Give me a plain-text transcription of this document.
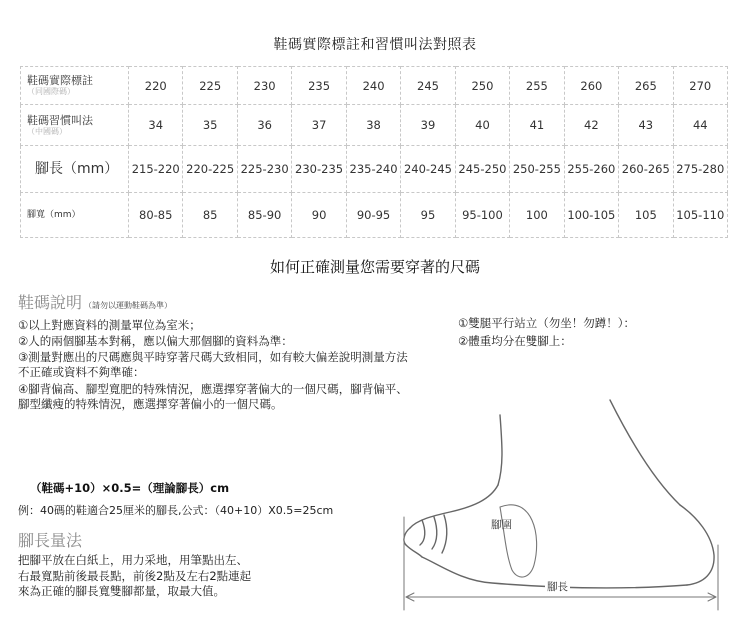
鞋碼實際標註和習慣叫法對照表
鞋碼實際標註
（同國際碼）	220	225	230	235	240	245	250	255	260	265	270
鞋碼習慣叫法
（中國碼）	34	35	36	37	38	39	40	41	42	43	44
腳長（mm）	215-220	220-225	225-230	230-235	235-240	240-245	245-250	250-255	255-260	260-265	275-280
腳寬（mm）	80-85	85	85-90	90	90-95	95	95-100	100	100-105	105	105-110
如何正確測量您需要穿著的尺碼
鞋碼說明 （請勿以運動鞋碼為準）

①以上對應資料的測量單位為室米；

②人的兩個腳基本對稱，應以偏大那個腳的資料為準：

③測量對應出的尺碼應與平時穿著尺碼大致相同，如有較大偏差說明測量方法不正確或資料不夠準確：

④腳背偏高、腳型寬肥的特殊情況，應選擇穿著偏大的一個尺碼，腳背偏平、腳型纖瘦的特殊情況，應選擇穿著偏小的一個尺碼。

（鞋碼+10）×0.5=（理論腳長）cm
例：40碼的鞋適合25厘米的腳長,公式：（40+10）X0.5=25cm
腳長量法

把腳平放在白紙上，用力采地，用筆點出左、

右最寬點前後最長點，前後2點及左右2點連起

來為正確的腳長寬雙腳都量，取最大值。

①雙腿平行站立（勿坐！勿蹲！）：

②體重均分在雙腳上：

腳圍
腳長
